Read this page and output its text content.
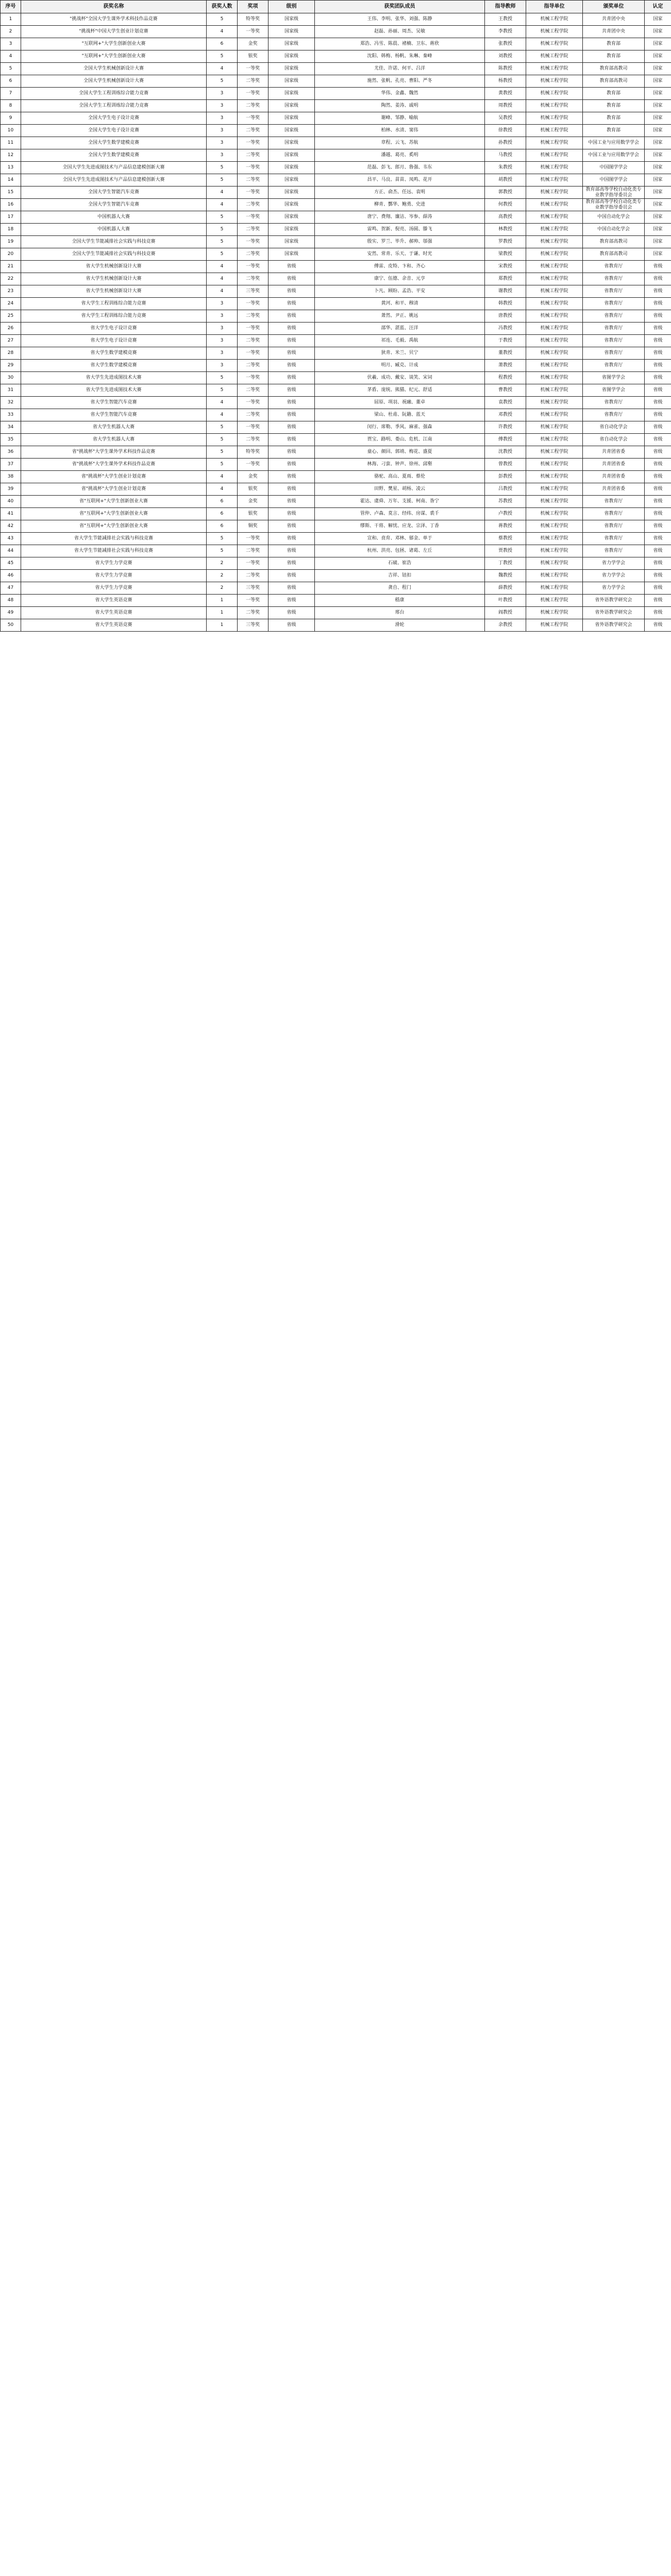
序号	获奖名称	获奖人数	奖项	级别	获奖团队成员	指导教师	指导单位	颁奖单位	认定
1	"挑战杯"全国大学生课外学术科技作品竞赛	5	特等奖	国家级	王伟、李明、张华、刘强、陈静	王教授	机械工程学院	共青团中央	国家
2	"挑战杯"中国大学生创业计划竞赛	4	一等奖	国家级	赵磊、孙丽、周杰、吴敏	李教授	机械工程学院	共青团中央	国家
3	"互联网+"大学生创新创业大赛	6	金奖	国家级	郑浩、冯雪、陈晨、褚楠、卫东、蒋欣	张教授	机械工程学院	教育部	国家
4	"互联网+"大学生创新创业大赛	5	银奖	国家级	沈阳、韩梅、杨帆、朱琳、秦峰	刘教授	机械工程学院	教育部	国家
5	全国大学生机械创新设计大赛	4	一等奖	国家级	尤佳、许诺、何平、吕洋	陈教授	机械工程学院	教育部高教司	国家
6	全国大学生机械创新设计大赛	5	二等奖	国家级	施然、张帆、孔亮、曹阳、严冬	杨教授	机械工程学院	教育部高教司	国家
7	全国大学生工程训练综合能力竞赛	3	一等奖	国家级	华伟、金鑫、魏然	黄教授	机械工程学院	教育部	国家
8	全国大学生工程训练综合能力竞赛	3	二等奖	国家级	陶然、姜涛、戚明	周教授	机械工程学院	教育部	国家
9	全国大学生电子设计竞赛	3	一等奖	国家级	谢峰、邹静、喻航	吴教授	机械工程学院	教育部	国家
10	全国大学生电子设计竞赛	3	二等奖	国家级	柏林、水清、窦伟	徐教授	机械工程学院	教育部	国家
11	全国大学生数学建模竞赛	3	一等奖	国家级	章程、云飞、苏航	孙教授	机械工程学院	中国工业与应用数学学会	国家
12	全国大学生数学建模竞赛	3	二等奖	国家级	潘越、葛亮、奚明	马教授	机械工程学院	中国工业与应用数学学会	国家
13	全国大学生先进成图技术与产品信息建模创新大赛	5	一等奖	国家级	范磊、彭飞、郎月、鲁强、韦东	朱教授	机械工程学院	中国图学学会	国家
14	全国大学生先进成图技术与产品信息建模创新大赛	5	二等奖	国家级	昌平、马良、苗苗、凤鸣、花开	胡教授	机械工程学院	中国图学学会	国家
15	全国大学生智能汽车竞赛	4	一等奖	国家级	方正、俞杰、任远、袁明	郭教授	机械工程学院	教育部高等学校自动化类专业教学指导委员会	国家
16	全国大学生智能汽车竞赛	4	二等奖	国家级	柳青、酆华、鲍勇、史进	何教授	机械工程学院	教育部高等学校自动化类专业教学指导委员会	国家
17	中国机器人大赛	5	一等奖	国家级	唐宁、费翔、廉洁、岑参、薛涛	高教授	机械工程学院	中国自动化学会	国家
18	中国机器人大赛	5	二等奖	国家级	雷鸣、贺新、倪亮、汤圆、滕飞	林教授	机械工程学院	中国自动化学会	国家
19	全国大学生节能减排社会实践与科技竞赛	5	一等奖	国家级	殷实、罗兰、毕升、郝帅、邬强	罗教授	机械工程学院	教育部高教司	国家
20	全国大学生节能减排社会实践与科技竞赛	5	二等奖	国家级	安然、常青、乐天、于谦、时光	梁教授	机械工程学院	教育部高教司	国家
21	省大学生机械创新设计大赛	4	一等奖	省级	傅雷、皮特、卞和、齐心	宋教授	机械工程学院	省教育厅	省级
22	省大学生机械创新设计大赛	4	二等奖	省级	康宁、伍德、余音、元亨	郑教授	机械工程学院	省教育厅	省级
23	省大学生机械创新设计大赛	4	三等奖	省级	卜凡、顾盼、孟浩、平安	谢教授	机械工程学院	省教育厅	省级
24	省大学生工程训练综合能力竞赛	3	一等奖	省级	黄河、和平、穆清	韩教授	机械工程学院	省教育厅	省级
25	省大学生工程训练综合能力竞赛	3	二等奖	省级	萧然、尹正、姚远	唐教授	机械工程学院	省教育厅	省级
26	省大学生电子设计竞赛	3	一等奖	省级	邵华、湛蓝、汪洋	冯教授	机械工程学院	省教育厅	省级
27	省大学生电子设计竞赛	3	二等奖	省级	祁连、毛毅、禹航	于教授	机械工程学院	省教育厅	省级
28	省大学生数学建模竞赛	3	一等奖	省级	狄青、米兰、贝宁	董教授	机械工程学院	省教育厅	省级
29	省大学生数学建模竞赛	3	二等奖	省级	明月、臧克、计成	萧教授	机械工程学院	省教育厅	省级
30	省大学生先进成图技术大赛	5	一等奖	省级	伏羲、成功、戴安、谈笑、宋词	程教授	机械工程学院	省图学学会	省级
31	省大学生先进成图技术大赛	5	二等奖	省级	茅盾、庞统、熊猫、纪元、舒适	曹教授	机械工程学院	省图学学会	省级
32	省大学生智能汽车竞赛	4	一等奖	省级	屈原、项羽、祝融、董卓	袁教授	机械工程学院	省教育厅	省级
33	省大学生智能汽车竞赛	4	二等奖	省级	梁山、杜甫、阮籍、蓝天	邓教授	机械工程学院	省教育厅	省级
34	省大学生机器人大赛	5	一等奖	省级	闵行、席勒、季风、麻雀、强森	许教授	机械工程学院	省自动化学会	省级
35	省大学生机器人大赛	5	二等奖	省级	贾宝、路明、娄山、危机、江南	傅教授	机械工程学院	省自动化学会	省级
36	省"挑战杯"大学生课外学术科技作品竞赛	5	特等奖	省级	童心、颜回、郭靖、梅花、盛夏	沈教授	机械工程学院	共青团省委	省级
37	省"挑战杯"大学生课外学术科技作品竞赛	5	一等奖	省级	林海、刁蛮、钟声、徐州、邱壑	曾教授	机械工程学院	共青团省委	省级
38	省"挑战杯"大学生创业计划竞赛	4	金奖	省级	骆驼、高山、夏雨、蔡伦	彭教授	机械工程学院	共青团省委	省级
39	省"挑战杯"大学生创业计划竞赛	4	银奖	省级	田野、樊星、胡杨、凌云	吕教授	机械工程学院	共青团省委	省级
40	省"互联网+"大学生创新创业大赛	6	金奖	省级	霍达、虞舜、万年、支援、柯南、昝宁	苏教授	机械工程学院	省教育厅	省级
41	省"互联网+"大学生创新创业大赛	6	银奖	省级	管仲、卢森、莫言、经纬、房谋、裘千	卢教授	机械工程学院	省教育厅	省级
42	省"互联网+"大学生创新创业大赛	6	铜奖	省级	缪斯、干将、解忧、应龙、宗泽、丁香	蒋教授	机械工程学院	省教育厅	省级
43	省大学生节能减排社会实践与科技竞赛	5	一等奖	省级	宣和、贲育、邓林、郁金、单于	蔡教授	机械工程学院	省教育厅	省级
44	省大学生节能减排社会实践与科技竞赛	5	二等奖	省级	杭州、洪亮、包拯、诸葛、左丘	贾教授	机械工程学院	省教育厅	省级
45	省大学生力学竞赛	2	一等奖	省级	石破、崔浩	丁教授	机械工程学院	省力学学会	省级
46	省大学生力学竞赛	2	二等奖	省级	吉祥、钮扣	魏教授	机械工程学院	省力学学会	省级
47	省大学生力学竞赛	2	三等奖	省级	龚自、程门	薛教授	机械工程学院	省力学学会	省级
48	省大学生英语竞赛	1	一等奖	省级	嵇康	叶教授	机械工程学院	省外语教学研究会	省级
49	省大学生英语竞赛	1	二等奖	省级	邢台	阎教授	机械工程学院	省外语教学研究会	省级
50	省大学生英语竞赛	1	三等奖	省级	滑轮	余教授	机械工程学院	省外语教学研究会	省级
